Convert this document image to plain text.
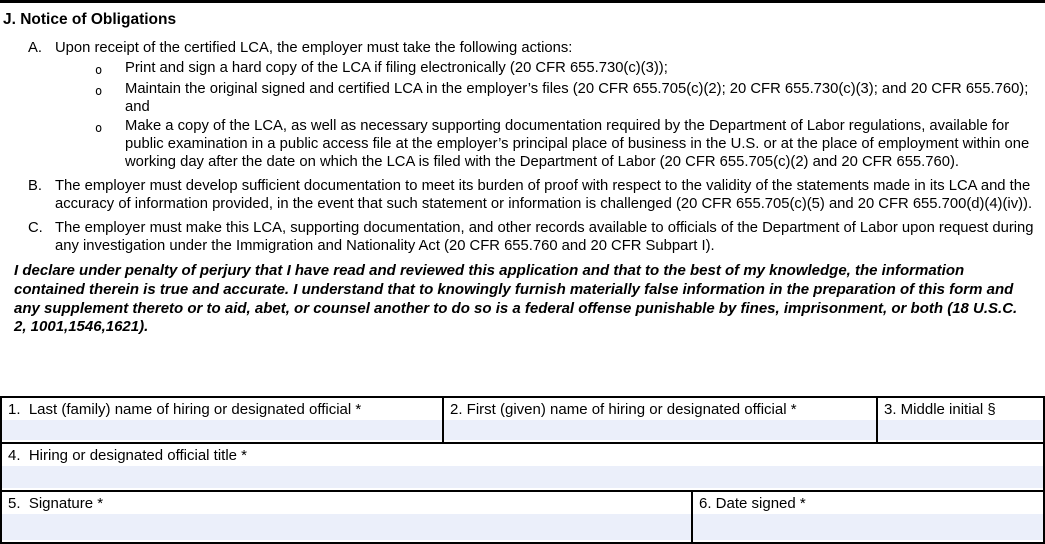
J. Notice of Obligations
A. Upon receipt of the certified LCA, the employer must take the following actions:
o	Print and sign a hard copy of the LCA if filing electronically (20 CFR 655.730(c)(3));
o	Maintain the original signed and certified LCA in the employer’s files (20 CFR 655.705(c)(2); 20 CFR 655.730(c)(3); and 20 CFR 655.760); and
o	Make a copy of the LCA, as well as necessary supporting documentation required by the Department of Labor regulations, available for public examination in a public access file at the employer’s principal place of business in the U.S. or at the place of employment within one working day after the date on which the LCA is filed with the Department of Labor (20 CFR 655.705(c)(2) and 20 CFR 655.760).
B. The employer must develop sufficient documentation to meet its burden of proof with respect to the validity of the statements made in its LCA and the accuracy of information provided, in the event that such statement or information is challenged (20 CFR 655.705(c)(5) and 20 CFR 655.700(d)(4)(iv)).
C. The employer must make this LCA, supporting documentation, and other records available to officials of the Department of Labor upon request during any investigation under the Immigration and Nationality Act (20 CFR 655.760 and 20 CFR Subpart I).
I declare under penalty of perjury that I have read and reviewed this application and that to the best of my knowledge, the information contained therein is true and accurate. I understand that to knowingly furnish materially false information in the preparation of this form and any supplement thereto or to aid, abet, or counsel another to do so is a federal offense punishable by fines, imprisonment, or both (18 U.S.C. 2, 1001,1546,1621).
1.  Last (family) name of hiring or designated official *	2. First (given) name of hiring or designated official *	3. Middle initial §
4.  Hiring or designated official title *
5.  Signature *	6. Date signed *
